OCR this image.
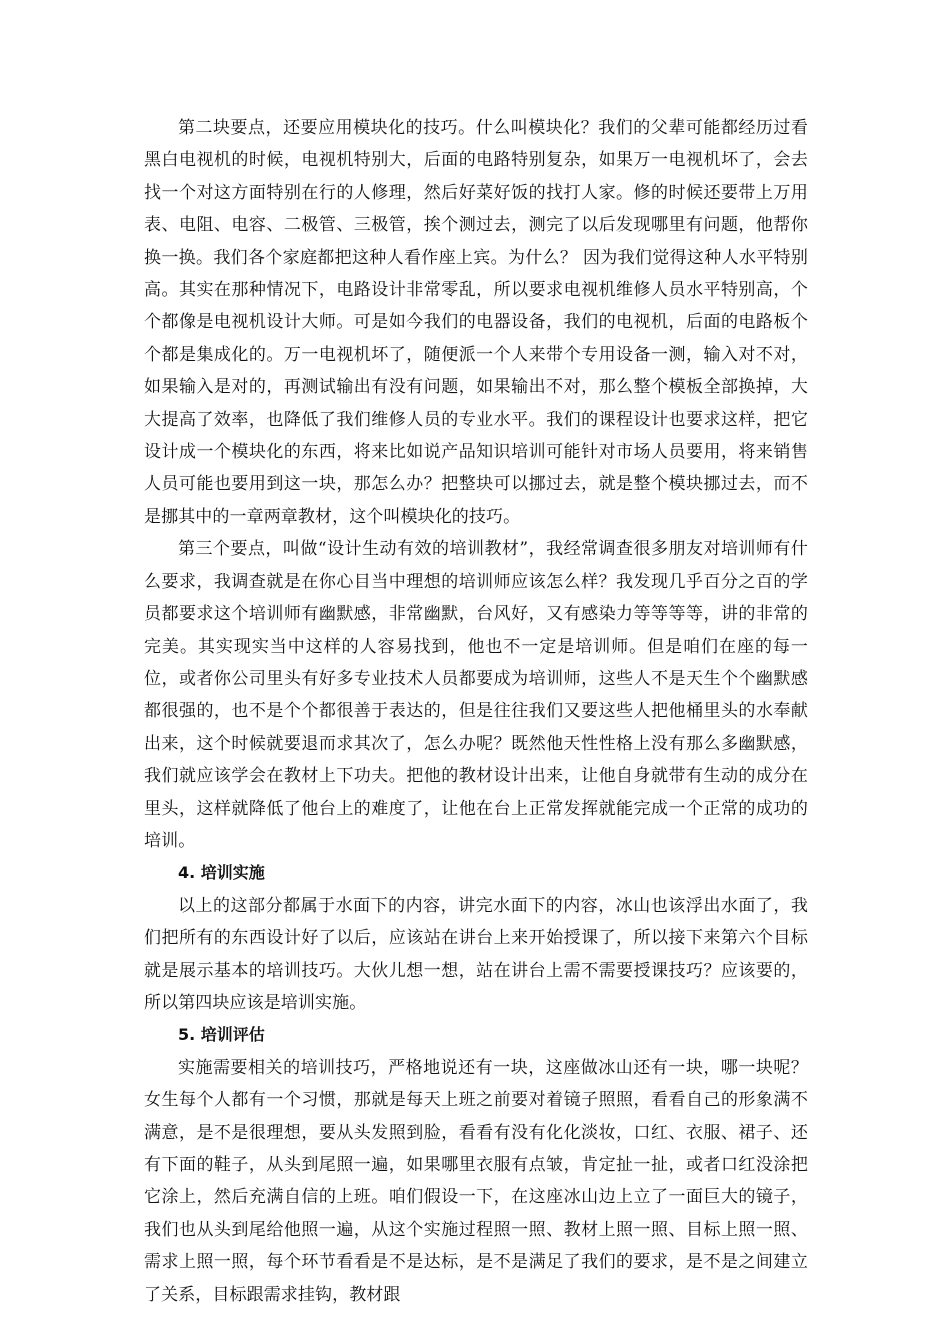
第二块要点，还要应用模块化的技巧。什么叫模块化？我们的父辈可能都经历过看黑白电视机的时候，电视机特别大，后面的电路特别复杂，如果万一电视机坏了，会去找一个对这方面特别在行的人修理，然后好菜好饭的找打人家。修的时候还要带上万用表、电阻、电容、二极管、三极管，挨个测过去，测完了以后发现哪里有问题，他帮你换一换。我们各个家庭都把这种人看作座上宾。为什么？ 因为我们觉得这种人水平特别高。其实在那种情况下，电路设计非常零乱，所以要求电视机维修人员水平特别高，个个都像是电视机设计大师。可是如今我们的电器设备，我们的电视机，后面的电路板个个都是集成化的。万一电视机坏了，随便派一个人来带个专用设备一测，输入对不对，如果输入是对的，再测试输出有没有问题，如果输出不对，那么整个模板全部换掉，大大提高了效率，也降低了我们维修人员的专业水平。我们的课程设计也要求这样，把它设计成一个模块化的东西，将来比如说产品知识培训可能针对市场人员要用，将来销售人员可能也要用到这一块，那怎么办？把整块可以挪过去，就是整个模块挪过去，而不是挪其中的一章两章教材，这个叫模块化的技巧。

第三个要点，叫做“设计生动有效的培训教材”，我经常调查很多朋友对培训师有什么要求，我调查就是在你心目当中理想的培训师应该怎么样？我发现几乎百分之百的学员都要求这个培训师有幽默感，非常幽默，台风好，又有感染力等等等等，讲的非常的完美。其实现实当中这样的人容易找到，他也不一定是培训师。但是咱们在座的每一位，或者你公司里头有好多专业技术人员都要成为培训师，这些人不是天生个个幽默感都很强的，也不是个个都很善于表达的，但是往往我们又要这些人把他桶里头的水奉献出来，这个时候就要退而求其次了，怎么办呢？既然他天性性格上没有那么多幽默感，我们就应该学会在教材上下功夫。把他的教材设计出来，让他自身就带有生动的成分在里头，这样就降低了他台上的难度了，让他在台上正常发挥就能完成一个正常的成功的培训。

4. 培训实施

以上的这部分都属于水面下的内容，讲完水面下的内容，冰山也该浮出水面了，我们把所有的东西设计好了以后，应该站在讲台上来开始授课了，所以接下来第六个目标就是展示基本的培训技巧。大伙儿想一想，站在讲台上需不需要授课技巧？应该要的，所以第四块应该是培训实施。

5. 培训评估

实施需要相关的培训技巧，严格地说还有一块，这座做冰山还有一块，哪一块呢？女生每个人都有一个习惯，那就是每天上班之前要对着镜子照照，看看自己的形象满不满意，是不是很理想，要从头发照到脸，看看有没有化化淡妆，口红、衣服、裙子、还有下面的鞋子，从头到尾照一遍，如果哪里衣服有点皱，肯定扯一扯，或者口红没涂把它涂上，然后充满自信的上班。咱们假设一下，在这座冰山边上立了一面巨大的镜子，我们也从头到尾给他照一遍，从这个实施过程照一照、教材上照一照、目标上照一照、需求上照一照，每个环节看看是不是达标，是不是满足了我们的要求，是不是之间建立了关系，目标跟需求挂钩，教材跟
